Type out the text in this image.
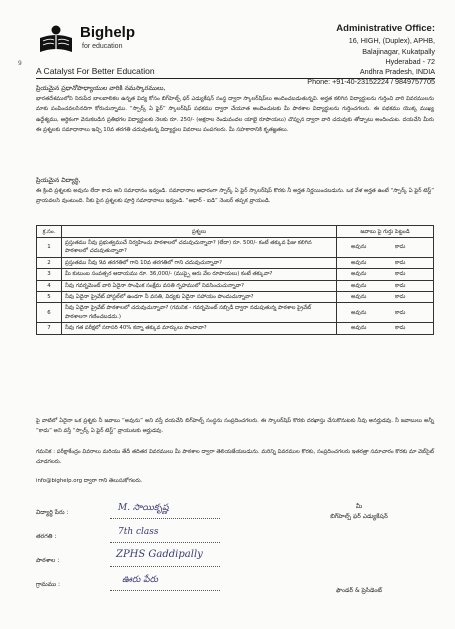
9
Bighelp
for education
A Catalyst For Better Education
Administrative Office:
16, HIGH, (Duplex), APHB,
Balajinagar, Kukatpally
Hyderabad - 72
Andhra Pradesh, INDIA
Phone: +91-40-23152224 / 9849757705
ప్రియమైన ప్రధానోపాధ్యాయుల వారికి నమస్కారములు,
భారతదేశములోని నిరుపేద బాలబాలికల ఉన్నత విద్య కోసం బిగ్‌హెల్ప్ ఫర్ ఎడ్యుకేషన్ సంస్థ ద్వారా స్కాలర్‌షిప్‌లు అందించబడుతున్నవి. అర్హత కలిగిన విద్యార్థులను గుర్తించి వారి వివరములను మాకు పంపించవలసినదిగా కోరుచున్నాము. “స్పార్క్ ఏ ఫైర్” స్కాలర్‌షిప్ పథకము ద్వారా చేయూత అందించుటకు మీ పాఠశాల విద్యార్థులను గుర్తించగలరు. ఈ పథకము యొక్క ముఖ్య ఉద్దేశ్యము, ఆర్థికంగా వెనుకబడిన ప్రతిభగల విద్యార్థులకు నెలకు రూ. 250/- (అక్షరాల రెండువందల యాభై రూపాయలు) చొప్పున ద్వారా వారి చదువుకు తోడ్పాటు అందించుట. దయచేసి మీరు ఈ ప్రశ్నలకు సమాధానాలు ఇచ్చి 10వ తరగతి చదువుతున్న విద్యార్థుల వివరాలు పంపగలరు. మీ సహకారానికి కృతజ్ఞతలు.
ప్రియమైన విద్యార్థి,
ఈ క్రింది ప్రశ్నలకు అవును లేదా కాదు అని సమాధానం ఇవ్వండి. సమాధానాల ఆధారంగా స్పార్క్ ఏ ఫైర్ స్కాలర్‌షిప్ కొరకు నీ అర్హత నిర్ణయించబడును. ఒక వేళ అర్హత ఉంటే “స్పార్క్ ఏ ఫైర్ టెస్ట్” వ్రాయవలసి వుంటుంది. నీకు పైన ప్రశ్నలకు పూర్తి సమాధానాలు ఇవ్వండి. “ఆధార్ - ఐడి” నెంబర్ తప్పక వ్రాయండి.
క్ర.సం.	ప్రశ్నలు	జవాబు పై గుర్తు పెట్టండి
1	ప్రస్తుతము నీవు ప్రభుత్వముచే నిర్వహించు పాఠశాలలో చదువుచున్నావా? (లేదా) రూ. 500/- కంటే తక్కువ ఫీజు కలిగిన పాఠశాలలో చదువుతున్నావా?	అవును కాదు

2	ప్రస్తుతము నీవు 9వ తరగతిలో గాని 10వ తరగతిలో గాని చదువుచున్నావా?	అవును కాదు

3	మీ కుటుంబ సంవత్సర ఆదాయము రూ. 36,000/- (ముప్పై ఆరు వేల రూపాయలు) కంటే తక్కువా?	అవును కాదు

4	నీవు గవర్నమెంట్ వారి ఏదైనా సాంఘిక సంక్షేమ వసతి గృహములో నివసించుచున్నావా?	అవును కాదు

5	నీవు ఏదైనా ప్రైవేట్ హాస్టల్‌లో ఉండగా నీ వసతి, విద్యకు ఏదైనా సహాయం పొందుచున్నావా?	అవును కాదు

6	నీవు ఏదైనా ప్రైవేట్ పాఠశాలలో చదువుచున్నావా? (గమనిక - గవర్నమెంట్ సబ్సిడీ ద్వారా నడుపుతున్న పాఠశాల ప్రైవేట్ పాఠశాలగా గణించబడదు.)	అవును కాదు

7	నీవు గత పరీక్షలో సరాసరి 40% కన్నా తక్కువ మార్కులు పొందావా?	అవును కాదు
పై వాటిలో ఏదైనా ఒక ప్రశ్నకు నీ జవాబు “అవును” అని వస్తే దయచేసి బిగ్‌హెల్ప్ సంస్థను సంప్రదించగలరు. ఈ స్కాలర్‌షిప్ కొరకు దరఖాస్తు చేసుకొనుటకు నీవు అనర్హుడవు. నీ జవాబులు అన్నీ “కాదు” అని వస్తే “స్పార్క్ ఏ ఫైర్ టెస్ట్” వ్రాయుటకు అర్హుడవు.
గమనిక : పరీక్షాకేంద్రం వివరాలు మరియు తేదీ తదితర వివరములు మీ పాఠశాల ద్వారా తెలియజేయబడును. మరిన్ని వివరముల కొరకు, సంప్రదించగలరు ఇతరత్రా సమాచారం కొరకు మా వెబ్‌సైట్ చూడగలరు.
info@bighelp.org ద్వారా గాని తెలుసుకోగలరు.
విద్యార్థి పేరు :	M. సాయికృష్ణ
తరగతి :	7th class
పాఠశాల :
ZPHS Gaddipally
గ్రామము :	ఊరు పేరు
మీ
బిగ్‌హెల్ప్ ఫర్ ఎడ్యుకేషన్
ఫౌండర్ & ప్రెసిడెంట్
